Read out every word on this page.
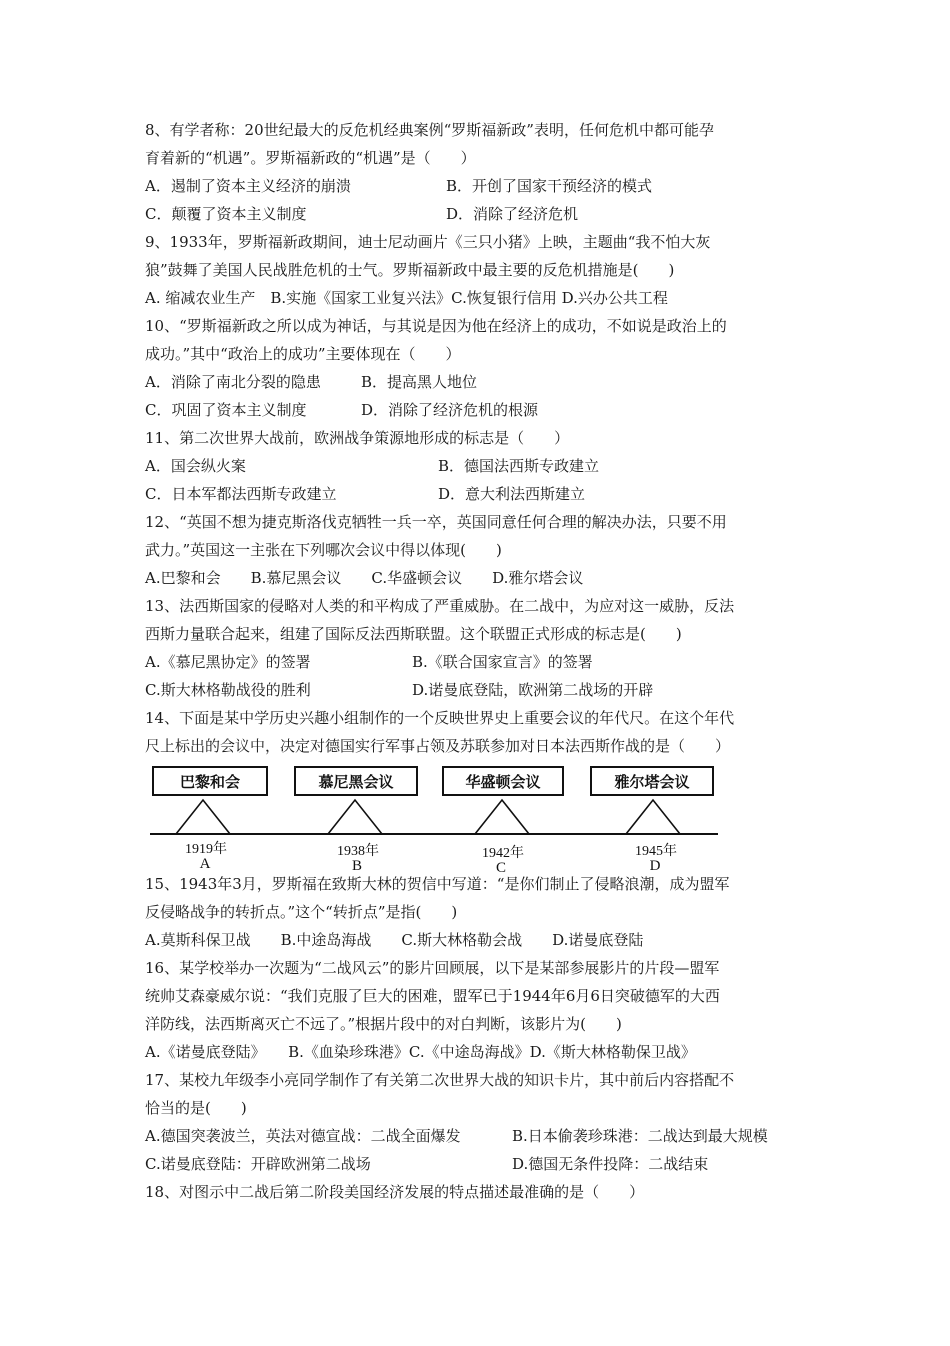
8、有学者称：20世纪最大的反危机经典案例“罗斯福新政”表明，任何危机中都可能孕
育着新的“机遇”。罗斯福新政的“机遇”是（　　）
A．遏制了资本主义经济的崩溃	B．开创了国家干预经济的模式
C．颠覆了资本主义制度	D．消除了经济危机
9、1933年，罗斯福新政期间，迪士尼动画片《三只小猪》上映，主题曲“我不怕大灰
狼”鼓舞了美国人民战胜危机的士气。罗斯福新政中最主要的反危机措施是(　　)
A. 缩减农业生产　B.实施《国家工业复兴法》C.恢复银行信用 D.兴办公共工程
10、“罗斯福新政之所以成为神话，与其说是因为他在经济上的成功，不如说是政治上的
成功。”其中“政治上的成功”主要体现在（　　）
A．消除了南北分裂的隐患	B．提高黑人地位
C．巩固了资本主义制度	D．消除了经济危机的根源
11、第二次世界大战前，欧洲战争策源地形成的标志是（　　）
A．国会纵火案	B．德国法西斯专政建立
C．日本军都法西斯专政建立	D．意大利法西斯建立
12、“英国不想为捷克斯洛伐克牺牲一兵一卒，英国同意任何合理的解决办法，只要不用
武力。”英国这一主张在下列哪次会议中得以体现(　　)
A.巴黎和会　　B.慕尼黑会议　　C.华盛顿会议　　D.雅尔塔会议
13、法西斯国家的侵略对人类的和平构成了严重威胁。在二战中，为应对这一威胁，反法
西斯力量联合起来，组建了国际反法西斯联盟。这个联盟正式形成的标志是(　　)
A.《慕尼黑协定》的签署	B.《联合国家宣言》的签署
C.斯大林格勒战役的胜利	D.诺曼底登陆，欧洲第二战场的开辟
14、下面是某中学历史兴趣小组制作的一个反映世界史上重要会议的年代尺。在这个年代
尺上标出的会议中，决定对德国实行军事占领及苏联参加对日本法西斯作战的是（　　）
巴黎和会	慕尼黑会议	华盛顿会议	雅尔塔会议
1919年	1938年	1942年	1945年
A	B	C	D
15、1943年3月，罗斯福在致斯大林的贺信中写道：“是你们制止了侵略浪潮，成为盟军
反侵略战争的转折点。”这个“转折点”是指(　　)
A.莫斯科保卫战　　B.中途岛海战　　C.斯大林格勒会战　　D.诺曼底登陆
16、某学校举办一次题为“二战风云”的影片回顾展，以下是某部参展影片的片段—盟军
统帅艾森豪威尔说：“我们克服了巨大的困难，盟军已于1944年6月6日突破德军的大西
洋防线，法西斯离灭亡不远了。”根据片段中的对白判断，该影片为(　　)
A.《诺曼底登陆》　　B.《血染珍珠港》C.《中途岛海战》D.《斯大林格勒保卫战》
17、某校九年级李小亮同学制作了有关第二次世界大战的知识卡片，其中前后内容搭配不
恰当的是(　　)
A.德国突袭波兰，英法对德宣战：二战全面爆发	B.日本偷袭珍珠港：二战达到最大规模
C.诺曼底登陆：开辟欧洲第二战场	D.德国无条件投降：二战结束
18、对图示中二战后第二阶段美国经济发展的特点描述最准确的是（　　）
